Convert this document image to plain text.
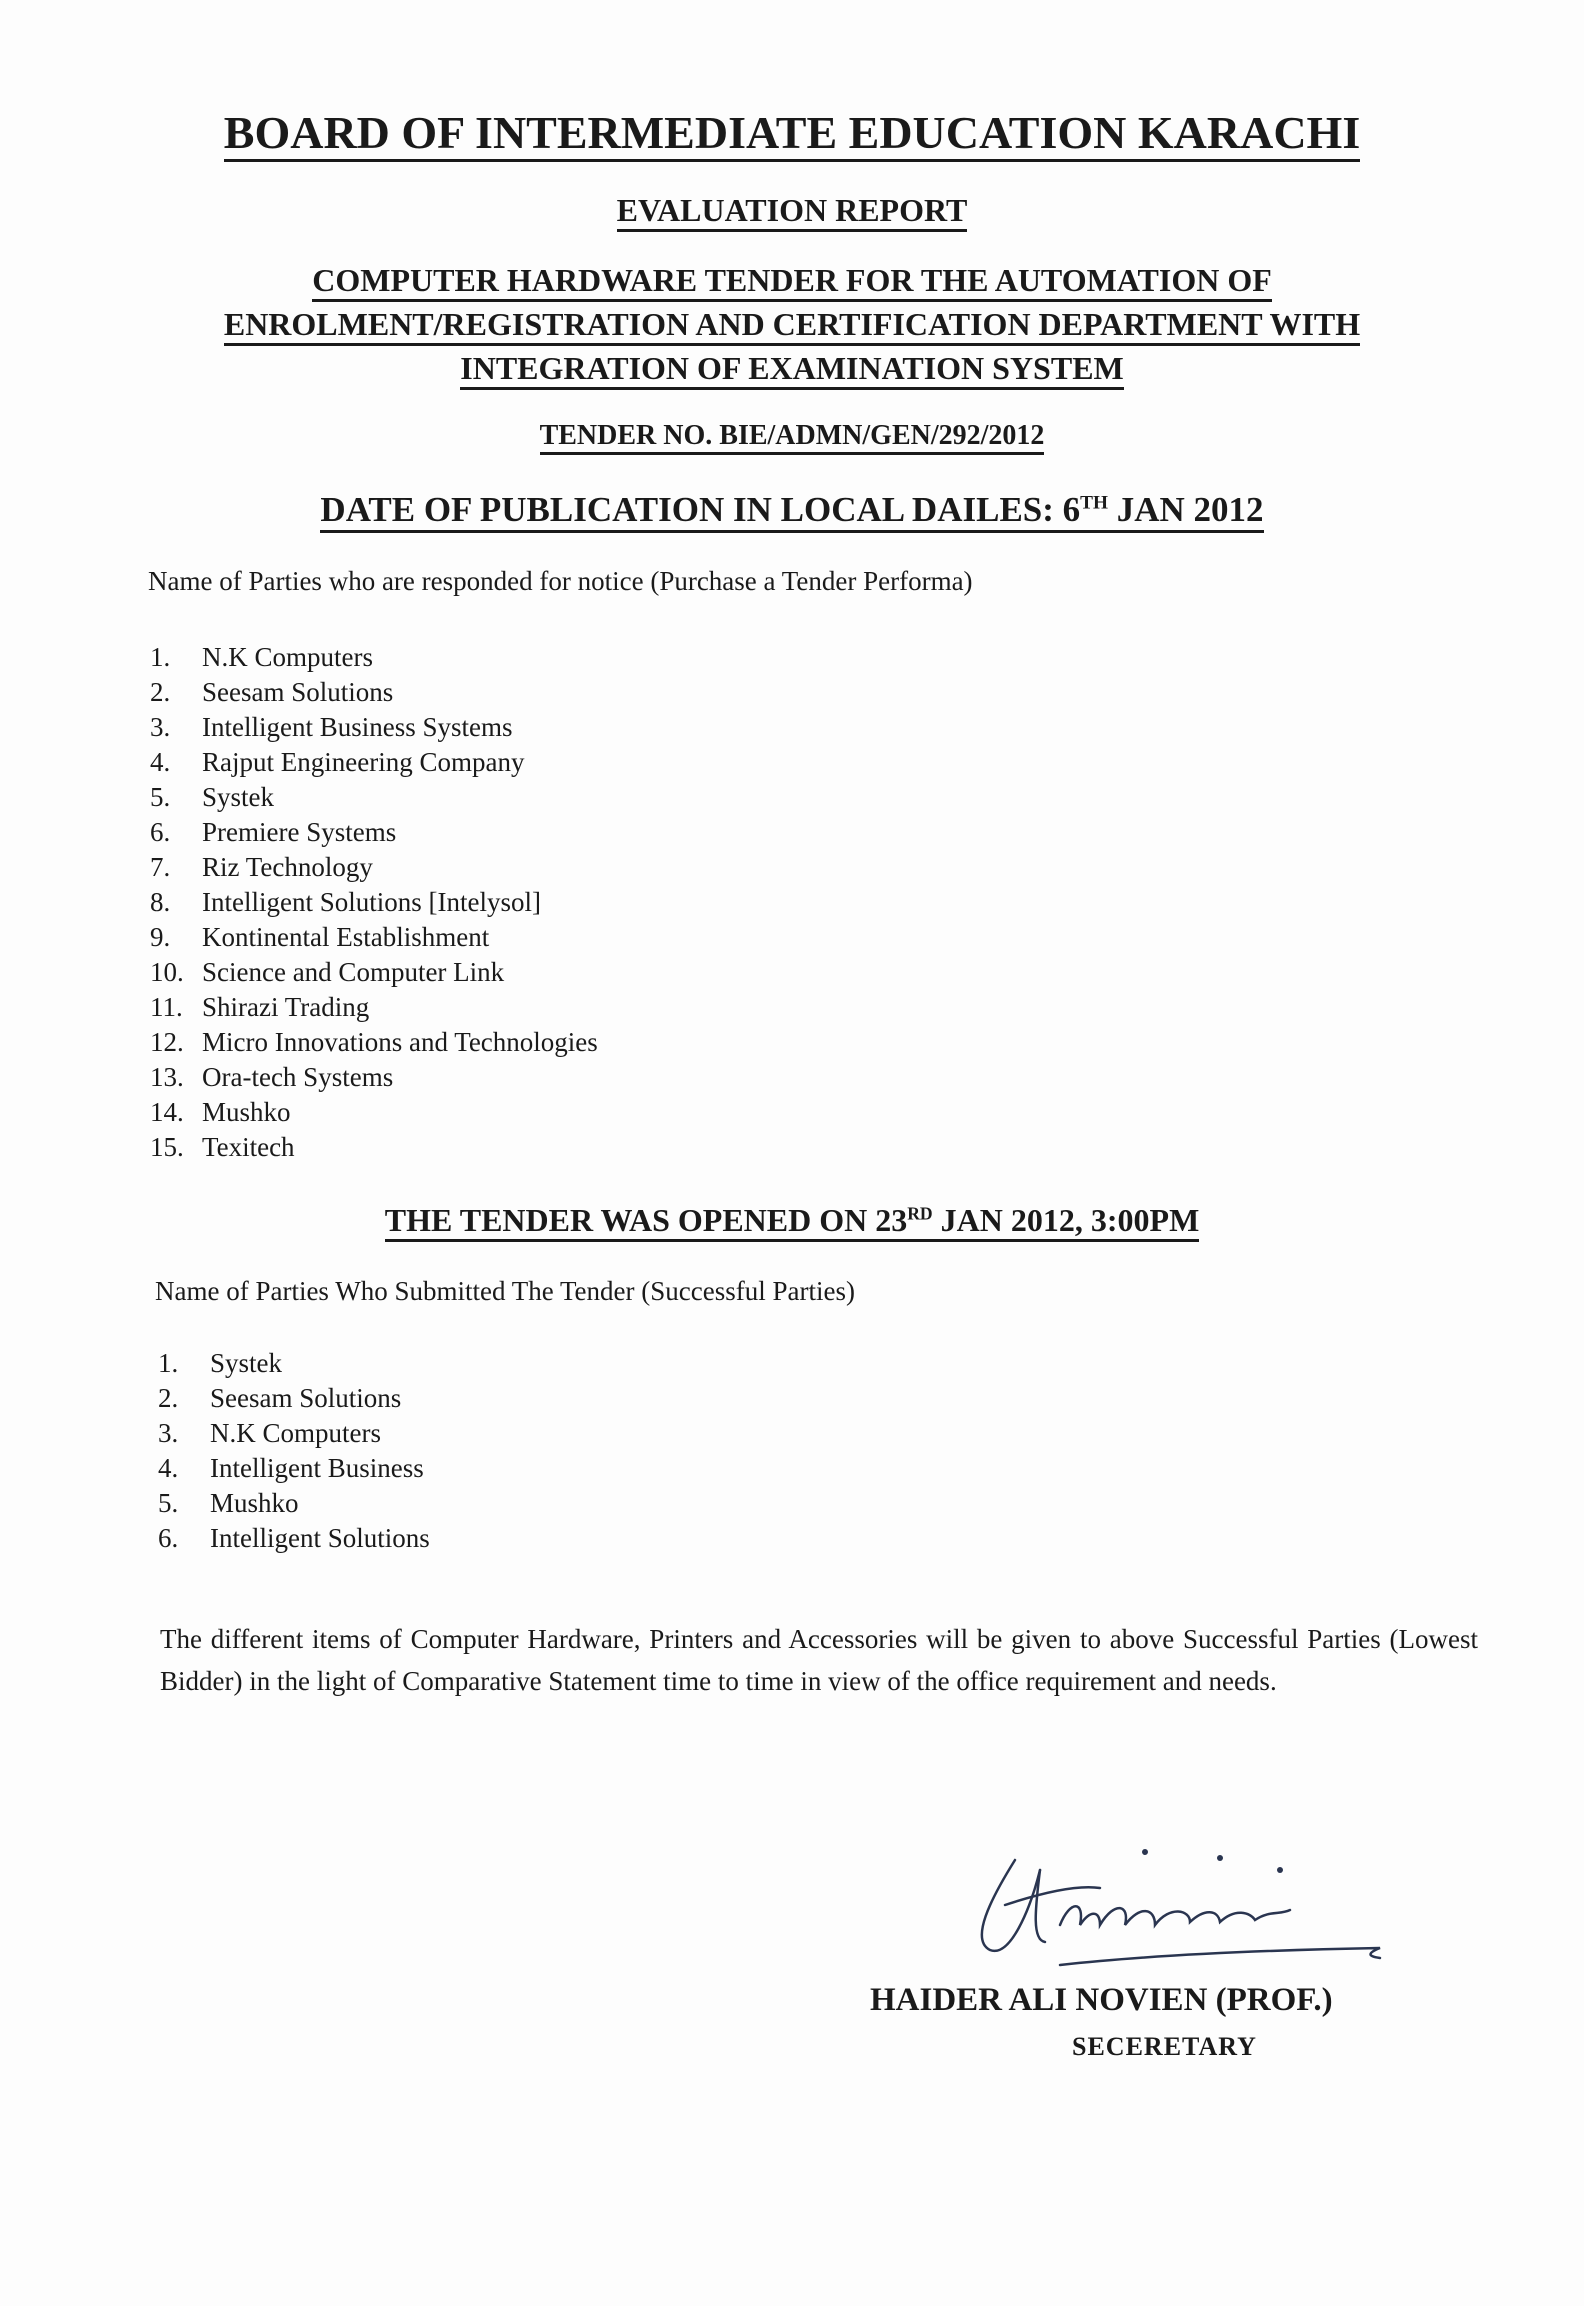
BOARD OF INTERMEDIATE EDUCATION KARACHI
EVALUATION REPORT
COMPUTER HARDWARE TENDER FOR THE AUTOMATION OF
ENROLMENT/REGISTRATION AND CERTIFICATION DEPARTMENT WITH
INTEGRATION OF EXAMINATION SYSTEM
TENDER NO. BIE/ADMN/GEN/292/2012
DATE OF PUBLICATION IN LOCAL DAILES: 6TH JAN 2012
Name of Parties who are responded for notice (Purchase a Tender Performa)
1. N.K Computers
2. Seesam Solutions
3. Intelligent Business Systems
4. Rajput Engineering Company
5. Systek
6. Premiere Systems
7. Riz Technology
8. Intelligent Solutions [Intelysol]
9. Kontinental Establishment
10. Science and Computer Link
11. Shirazi Trading
12. Micro Innovations and Technologies
13. Ora-tech Systems
14. Mushko
15. Texitech
THE TENDER WAS OPENED ON 23RD JAN 2012, 3:00PM
Name of Parties Who Submitted The Tender (Successful Parties)
1. Systek
2. Seesam Solutions
3. N.K Computers
4. Intelligent Business
5. Mushko
6. Intelligent Solutions
The different items of Computer Hardware, Printers and Accessories will be given to above Successful Parties (Lowest Bidder) in the light of Comparative Statement time to time in view of the office requirement and needs.
HAIDER ALI NOVIEN (PROF.)
SECERETARY
